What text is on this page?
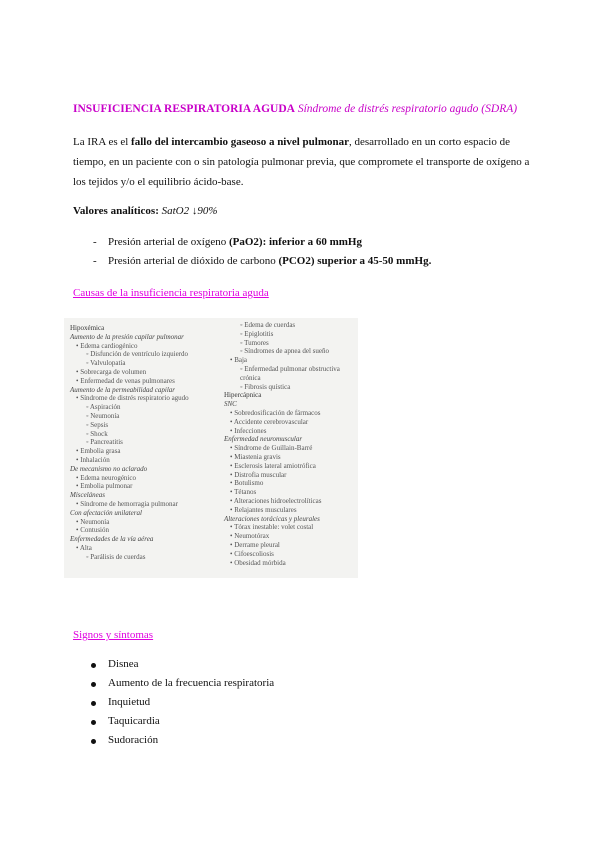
INSUFICIENCIA RESPIRATORIA AGUDA Síndrome de distrés respiratorio agudo (SDRA)

La IRA es el fallo del intercambio gaseoso a nivel pulmonar, desarrollado en un corto espacio de tiempo, en un paciente con o sin patología pulmonar previa, que compromete el transporte de oxígeno a los tejidos y/o el equilibrio ácido-base.

Valores analíticos: SatO2 ↓90%
- Presión arterial de oxígeno (PaO2): inferior a 60 mmHg
- Presión arterial de dióxido de carbono (PCO2) superior a 45-50 mmHg.
Causas de la insuficiencia respiratoria aguda
Hipoxémica
Aumento de la presión capilar pulmonar
• Edema cardiogénico
◦ Disfunción de ventrículo izquierdo
◦ Valvulopatía
• Sobrecarga de volumen
• Enfermedad de venas pulmonares
Aumento de la permeabilidad capilar
• Síndrome de distrés respiratorio agudo
◦ Aspiración
◦ Neumonía
◦ Sepsis
◦ Shock
◦ Pancreatitis
• Embolia grasa
• Inhalación
De mecanismo no aclarado
• Edema neurogénico
• Embolia pulmonar
Misceláneas
• Síndrome de hemorragia pulmonar
Con afectación unilateral
• Neumonía
• Contusión
Enfermedades de la vía aérea
• Alta
◦ Parálisis de cuerdas
◦ Edema de cuerdas
◦ Epiglotitis
◦ Tumores
◦ Síndromes de apnea del sueño
• Baja
◦ Enfermedad pulmonar obstructiva crónica
◦ Fibrosis quística
Hipercápnica
SNC
• Sobredosificación de fármacos
• Accidente cerebrovascular
• Infecciones
Enfermedad neuromuscular
• Síndrome de Guillain-Barré
• Miastenia gravis
• Esclerosis lateral amiotrófica
• Distrofia muscular
• Botulismo
• Tétanos
• Alteraciones hidroelectrolíticas
• Relajantes musculares
Alteraciones torácicas y pleurales
• Tórax inestable: volet costal
• Neumotórax
• Derrame pleural
• Cifoescoliosis
• Obesidad mórbida
Signos y síntomas
Disnea
Aumento de la frecuencia respiratoria
Inquietud
Taquicardia
Sudoración
